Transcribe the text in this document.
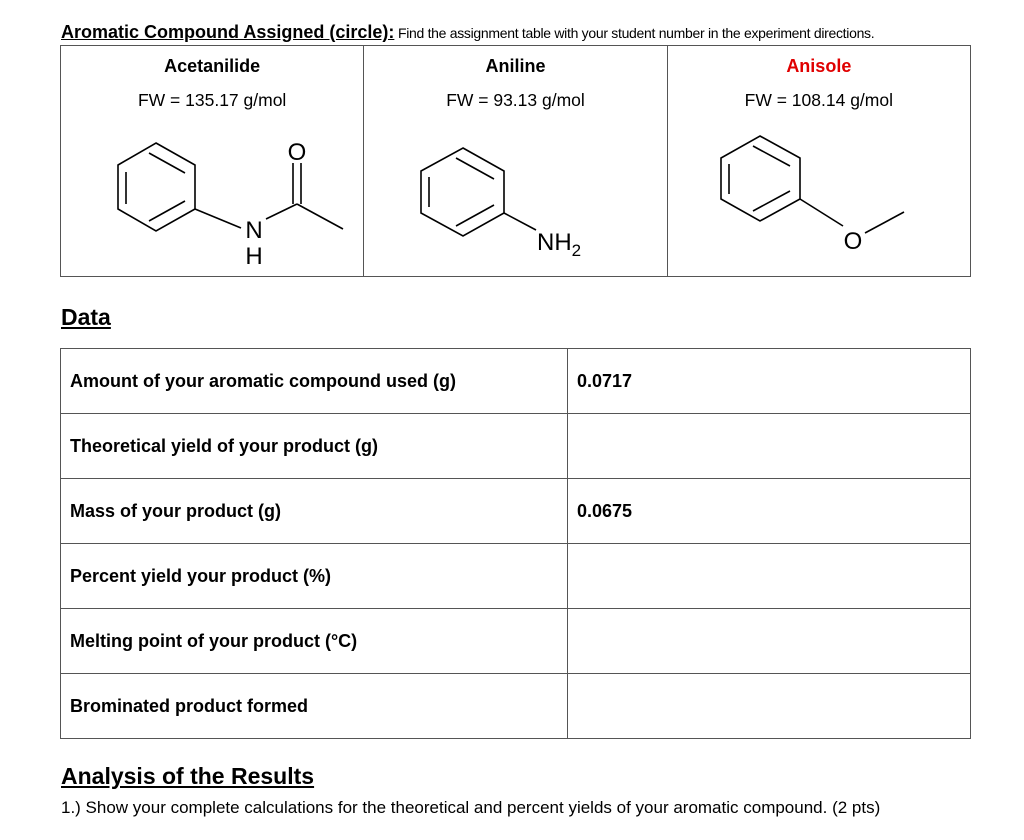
Aromatic Compound Assigned (circle): Find the assignment table with your student number in the experiment directions.
Acetanilide
FW = 135.17 g/mol
O
N
H

Aniline
FW = 93.13 g/mol
$NH_2$

Anisole
FW = 108.14 g/mol
O
Data
Amount of your aromatic compound used (g)	0.0717
Theoretical yield of your product (g)	
Mass of your product (g)	0.0675
Percent yield your product (%)	
Melting point of your product (°C)	
Brominated product formed	
Analysis of the Results
1.) Show your complete calculations for the theoretical and percent yields of your aromatic compound. (2 pts)
